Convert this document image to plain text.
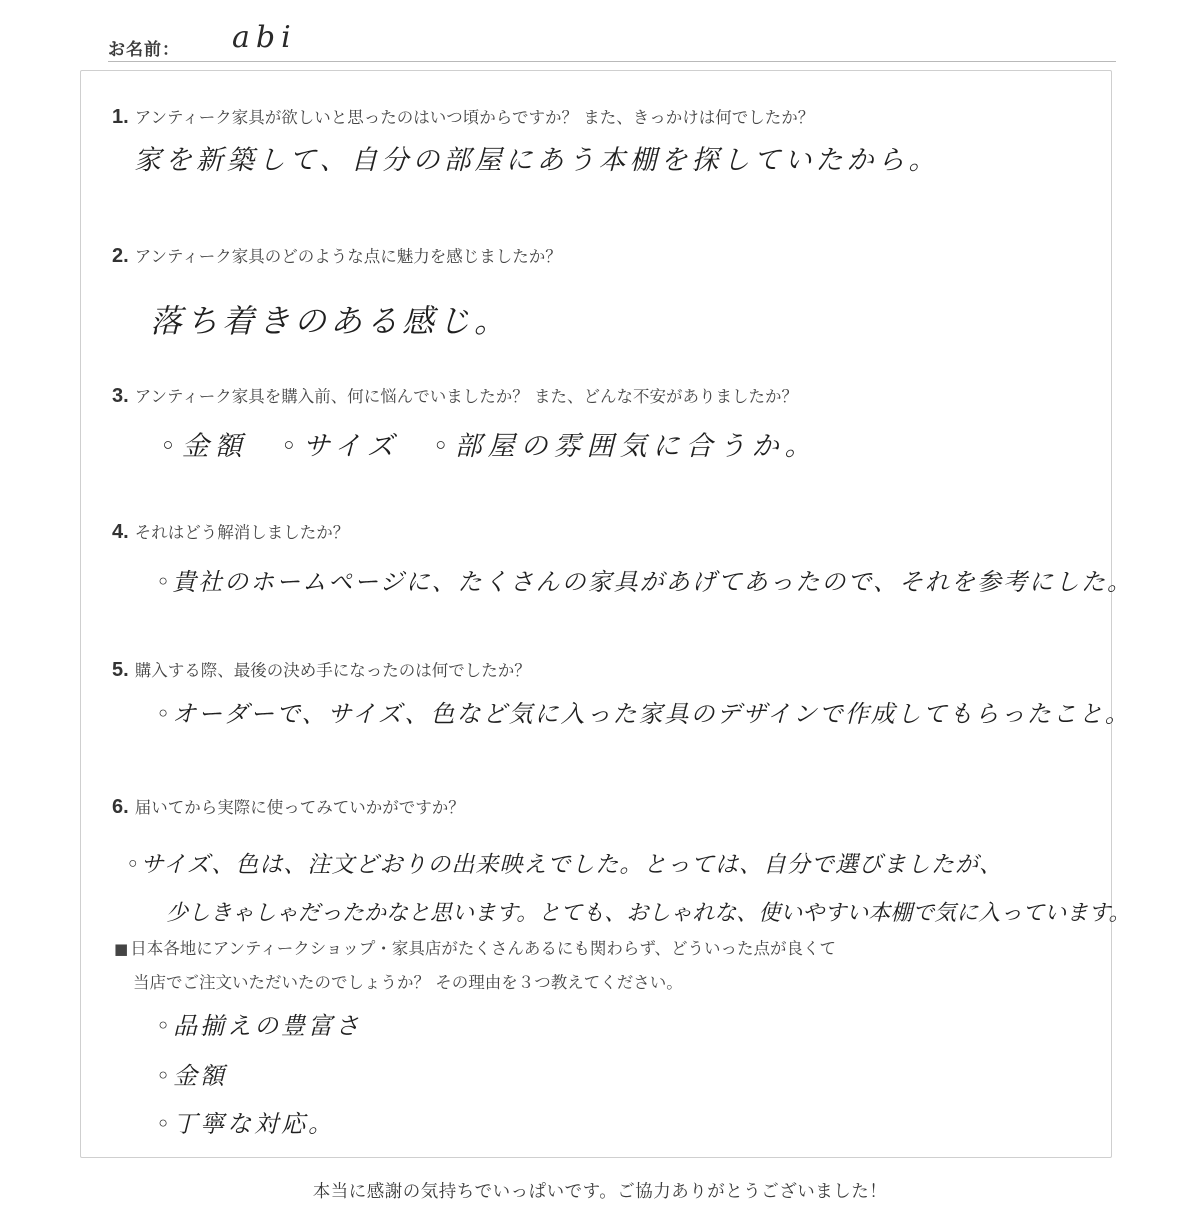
お名前： abi
1. アンティーク家具が欲しいと思ったのはいつ頃からですか？ また、きっかけは何でしたか？
家を新築して、自分の部屋にあう本棚を探していたから。
2. アンティーク家具のどのような点に魅力を感じましたか？
落ち着きのある感じ。
3. アンティーク家具を購入前、何に悩んでいましたか？ また、どんな不安がありましたか？
◦金額　◦サイズ　◦部屋の雰囲気に合うか。
4. それはどう解消しましたか？
◦貴社のホームページに、たくさんの家具があげてあったので、それを参考にした。
5. 購入する際、最後の決め手になったのは何でしたか？
◦オーダーで、サイズ、色など気に入った家具のデザインで作成してもらったこと。
6. 届いてから実際に使ってみていかがですか？
◦サイズ、色は、注文どおりの出来映えでした。とっては、自分で選びましたが、
少しきゃしゃだったかなと思います。とても、おしゃれな、使いやすい本棚で気に入っています。
■ 日本各地にアンティークショップ・家具店がたくさんあるにも関わらず、どういった点が良くて
当店でご注文いただいたのでしょうか？ その理由を３つ教えてください。
◦品揃えの豊富さ
◦金額
◦丁寧な対応。
本当に感謝の気持ちでいっぱいです。ご協力ありがとうございました！
